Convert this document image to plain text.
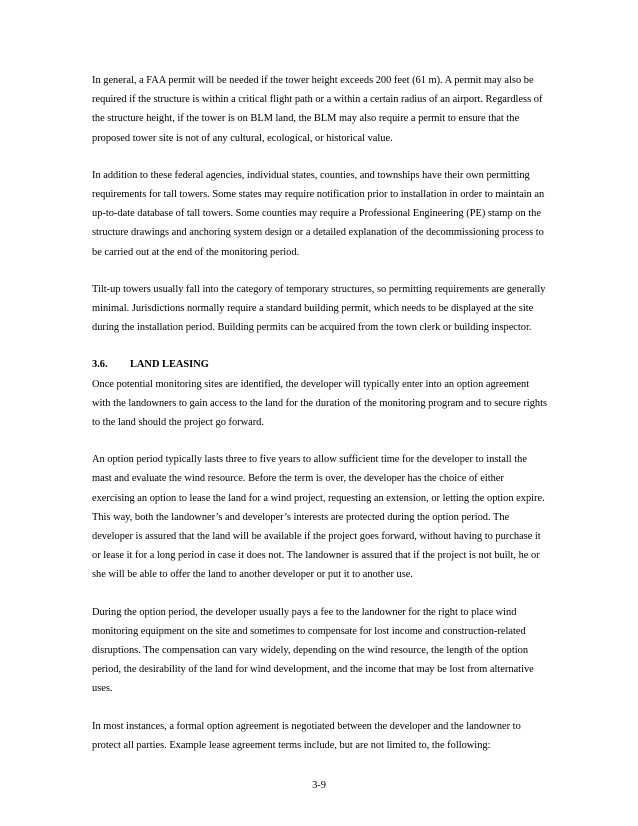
In general, a FAA permit will be needed if the tower height exceeds 200 feet (61 m). A permit may also be required if the structure is within a critical flight path or a within a certain radius of an airport. Regardless of the structure height, if the tower is on BLM land, the BLM may also require a permit to ensure that the proposed tower site is not of any cultural, ecological, or historical value.

In addition to these federal agencies, individual states, counties, and townships have their own permitting requirements for tall towers. Some states may require notification prior to installation in order to maintain an up-to-date database of tall towers. Some counties may require a Professional Engineering (PE) stamp on the structure drawings and anchoring system design or a detailed explanation of the decommissioning process to be carried out at the end of the monitoring period.

Tilt-up towers usually fall into the category of temporary structures, so permitting requirements are generally minimal. Jurisdictions normally require a standard building permit, which needs to be displayed at the site during the installation period. Building permits can be acquired from the town clerk or building inspector.

3.6. LAND LEASING

Once potential monitoring sites are identified, the developer will typically enter into an option agreement with the landowners to gain access to the land for the duration of the monitoring program and to secure rights to the land should the project go forward.

An option period typically lasts three to five years to allow sufficient time for the developer to install the mast and evaluate the wind resource. Before the term is over, the developer has the choice of either exercising an option to lease the land for a wind project, requesting an extension, or letting the option expire. This way, both the landowner’s and developer’s interests are protected during the option period. The developer is assured that the land will be available if the project goes forward, without having to purchase it or lease it for a long period in case it does not. The landowner is assured that if the project is not built, he or she will be able to offer the land to another developer or put it to another use.

During the option period, the developer usually pays a fee to the landowner for the right to place wind monitoring equipment on the site and sometimes to compensate for lost income and construction-related disruptions. The compensation can vary widely, depending on the wind resource, the length of the option period, the desirability of the land for wind development, and the income that may be lost from alternative uses.

In most instances, a formal option agreement is negotiated between the developer and the landowner to protect all parties. Example lease agreement terms include, but are not limited to, the following:

3-9
